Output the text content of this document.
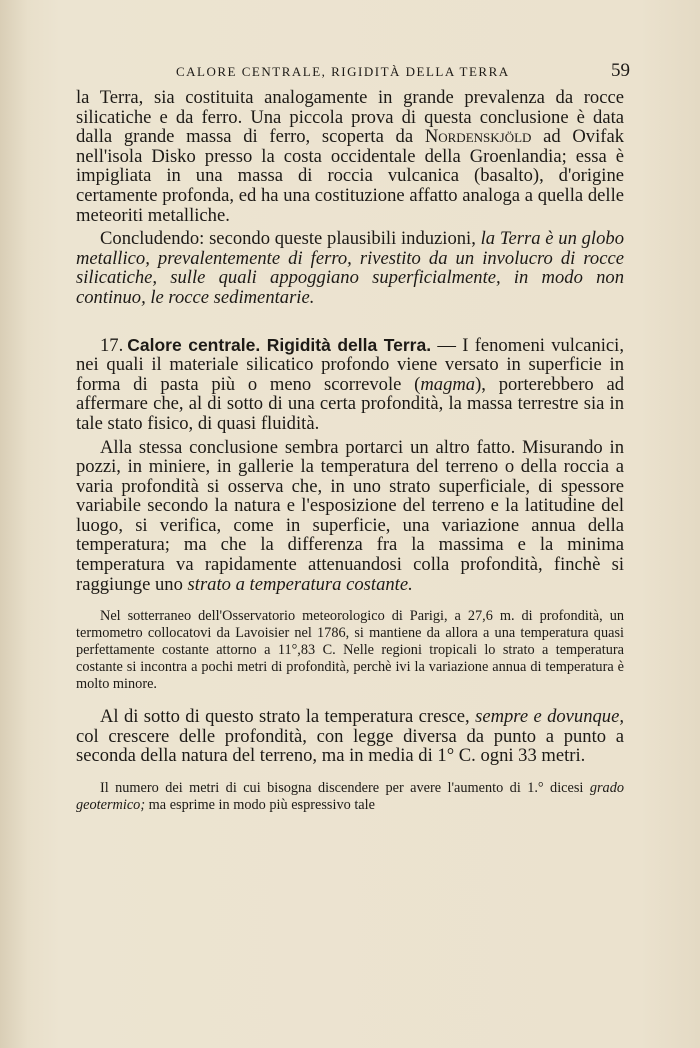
CALORE CENTRALE, RIGIDITÀ DELLA TERRA	59

la Terra, sia costituita analogamente in grande prevalenza da rocce silicatiche e da ferro. Una piccola prova di questa conclusione è data dalla grande massa di ferro, scoperta da Nordenskjöld ad Ovifak nell'isola Disko presso la costa occidentale della Groenlandia; essa è impigliata in una massa di roccia vulcanica (basalto), d'origine certamente profonda, ed ha una costituzione affatto analoga a quella delle meteoriti metalliche.

Concludendo: secondo queste plausibili induzioni, la Terra è un globo metallico, prevalentemente di ferro, rivestito da un involucro di rocce silicatiche, sulle quali appoggiano superficialmente, in modo non continuo, le rocce sedimentarie.

17. Calore centrale. Rigidità della Terra. — I fenomeni vulcanici, nei quali il materiale silicatico profondo viene versato in superficie in forma di pasta più o meno scorrevole (magma), porterebbero ad affermare che, al di sotto di una certa profondità, la massa terrestre sia in tale stato fisico, di quasi fluidità.

Alla stessa conclusione sembra portarci un altro fatto. Misurando in pozzi, in miniere, in gallerie la temperatura del terreno o della roccia a varia profondità si osserva che, in uno strato superficiale, di spessore variabile secondo la natura e l'esposizione del terreno e la latitudine del luogo, si verifica, come in superficie, una variazione annua della temperatura; ma che la differenza fra la massima e la minima temperatura va rapidamente attenuandosi colla profondità, finchè si raggiunge uno strato a temperatura costante.

Nel sotterraneo dell'Osservatorio meteorologico di Parigi, a 27,6 m. di profondità, un termometro collocatovi da Lavoisier nel 1786, si mantiene da allora a una temperatura quasi perfettamente costante attorno a 11°,83 C. Nelle regioni tropicali lo strato a temperatura costante si incontra a pochi metri di profondità, perchè ivi la variazione annua di temperatura è molto minore.

Al di sotto di questo strato la temperatura cresce, sempre e dovunque, col crescere delle profondità, con legge diversa da punto a punto a seconda della natura del terreno, ma in media di 1° C. ogni 33 metri.

Il numero dei metri di cui bisogna discendere per avere l'aumento di 1.° dicesi grado geotermico; ma esprime in modo più espressivo tale
